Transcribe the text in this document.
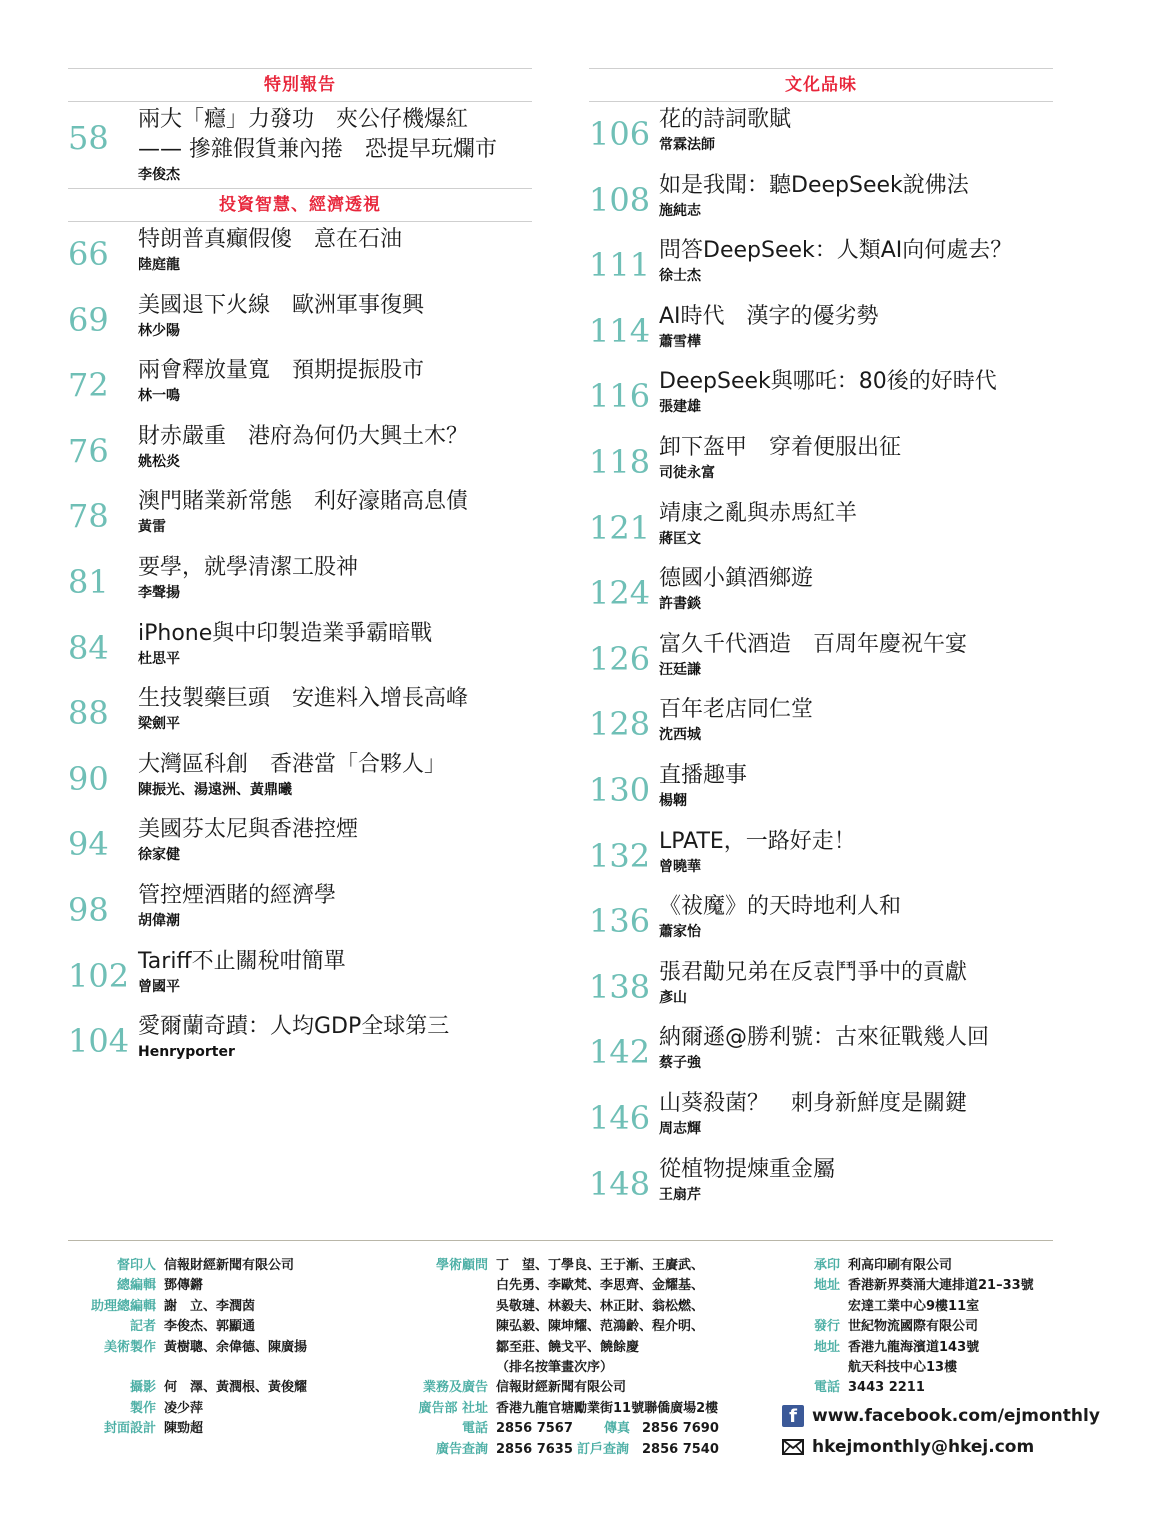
特別報告
58	兩大「癮」力發功　夾公仔機爆紅
—— 摻雜假貨兼內捲　恐提早玩爛市
李俊杰
投資智慧、經濟透視
66	特朗普真癲假傻　意在石油
陸庭龍
69	美國退下火線　歐洲軍事復興
林少陽
72	兩會釋放量寬　預期提振股市
林一鳴
76	財赤嚴重　港府為何仍大興土木？
姚松炎
78	澳門賭業新常態　利好濠賭高息債
黃雷
81	要學，就學清潔工股神
李聲揚
84	iPhone與中印製造業爭霸暗戰
杜思平
88	生技製藥巨頭　安進料入增長高峰
梁劍平
90	大灣區科創　香港當「合夥人」
陳振光、湯遠洲、黃鼎曦
94	美國芬太尼與香港控煙
徐家健
98	管控煙酒賭的經濟學
胡偉潮
102 Tariff不止關稅咁簡單
曾國平
104 愛爾蘭奇蹟：人均GDP全球第三
Henryporter
文化品味
106 花的詩詞歌賦
常霖法師
108 如是我聞：聽DeepSeek說佛法
施純志
111 問答DeepSeek：人類AI向何處去？
徐士杰
114 AI時代　漢字的優劣勢
蕭雪樺
116 DeepSeek與哪吒：80後的好時代
張建雄
118 卸下盔甲　穿着便服出征
司徒永富
121 靖康之亂與赤馬紅羊
蔣匡文
124 德國小鎮酒鄉遊
許書錟
126 富久千代酒造　百周年慶祝午宴
汪廷謙
128 百年老店同仁堂
沈西城
130 直播趣事
楊翺
132 LPATE，一路好走！
曾曉華
136 《祓魔》的天時地利人和
蕭家怡
138 張君勱兄弟在反袁鬥爭中的貢獻
彥山
142 納爾遜@勝利號：古來征戰幾人回
蔡子強
146 山葵殺菌？　刺身新鮮度是關鍵
周志輝
148 從植物提煉重金屬
王扇芹
督印人 信報財經新聞有限公司
總編輯 鄧傳鏘
助理總編輯 謝　立、李潤茵
記者 李俊杰、郭顯通
美術製作 黃樹聰、余偉德、陳廣揚
攝影 何　澤、黃潤根、黃俊耀
製作 凌少萍
封面設計 陳勁超
學術顧問 丁　望、丁學良、王于漸、王賡武、
白先勇、李歐梵、李思齊、金耀基、
吳敬璉、林毅夫、林正財、翁松燃、
陳弘毅、陳坤耀、范鴻齡、程介明、
鄒至莊、饒戈平、饒餘慶
（排名按筆畫次序）
業務及廣告 信報財經新聞有限公司
廣告部 社址 香港九龍官塘勵業街11號聯僑廣場2樓
電話 2856 7567 傳真 2856 7690
廣告查詢 2856 7635 訂戶查詢 2856 7540
承印 利高印刷有限公司
地址 香港新界葵涌大連排道21–33號
宏達工業中心9樓11室
發行 世紀物流國際有限公司
地址 香港九龍海濱道143號
航天科技中心13樓
電話 3443 2211
f www.facebook.com/ejmonthly
hkejmonthly@hkej.com
